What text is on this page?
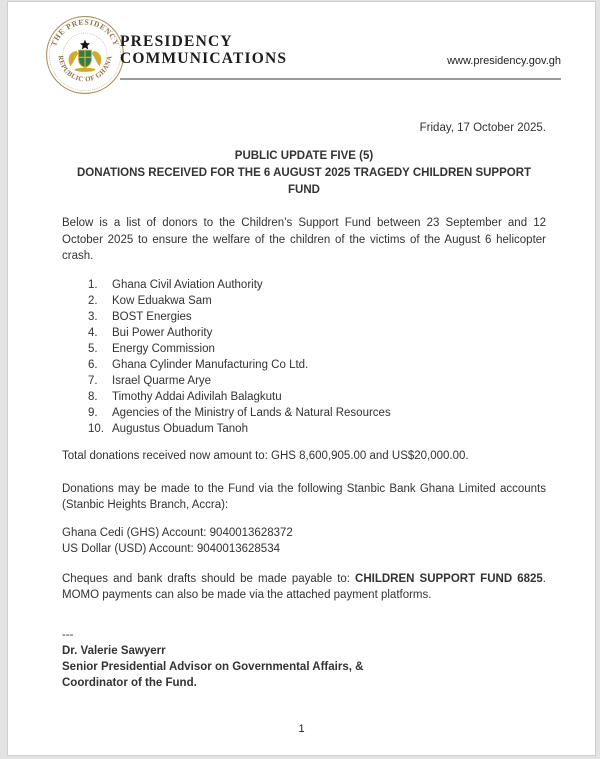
THE PRESIDENCY
REPUBLIC OF GHANA
PRESIDENCY
COMMUNICATIONS	www.presidency.gov.gh
Friday, 17 October 2025.
PUBLIC UPDATE FIVE (5)
DONATIONS RECEIVED FOR THE 6 AUGUST 2025 TRAGEDY CHILDREN SUPPORT FUND

Below is a list of donors to the Children’s Support Fund between 23 September and 12 October 2025 to ensure the welfare of the children of the victims of the August 6 helicopter crash.

1.	Ghana Civil Aviation Authority
2.	Kow Eduakwa Sam
3.	BOST Energies
4.	Bui Power Authority
5.	Energy Commission
6.	Ghana Cylinder Manufacturing Co Ltd.
7.	Israel Quarme Arye
8.	Timothy Addai Adivilah Balagkutu
9.	Agencies of the Ministry of Lands & Natural Resources
10. Augustus Obuadum Tanoh
Total donations received now amount to: GHS 8,600,905.00 and US$20,000.00.

Donations may be made to the Fund via the following Stanbic Bank Ghana Limited accounts (Stanbic Heights Branch, Accra):

Ghana Cedi (GHS) Account: 9040013628372
US Dollar (USD) Account: 9040013628534

Cheques and bank drafts should be made payable to: CHILDREN SUPPORT FUND 6825. MOMO payments can also be made via the attached payment platforms.

---
Dr. Valerie Sawyerr
Senior Presidential Advisor on Governmental Affairs, &
Coordinator of the Fund.
1
